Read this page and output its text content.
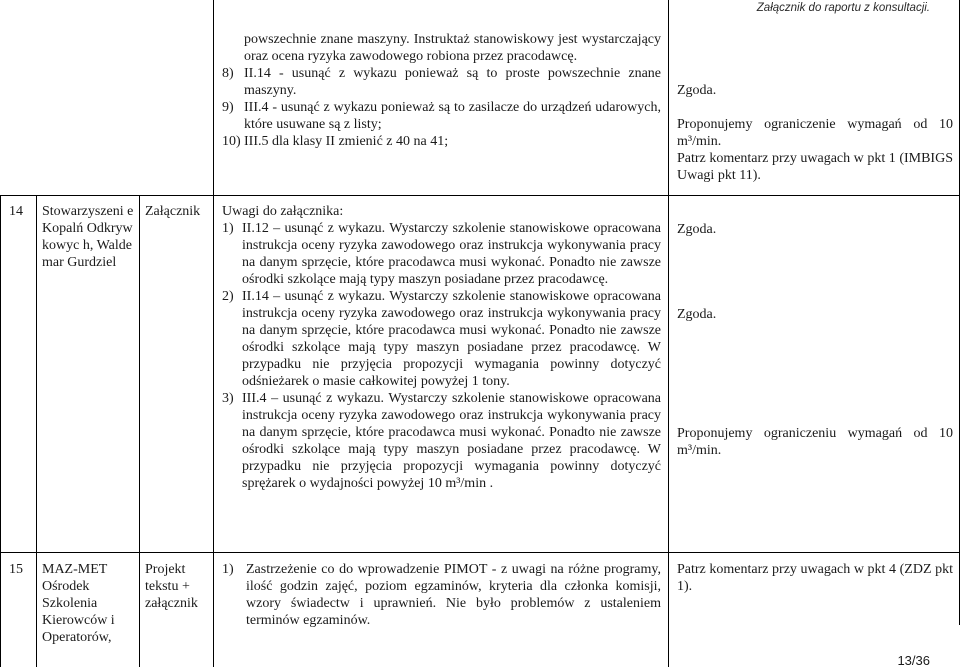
Załącznik do raportu z konsultacji.

powszechnie znane maszyny. Instruktaż stanowiskowy jest wystarczający oraz ocena ryzyka zawodowego robiona przez pracodawcę.

8) II.14 - usunąć z wykazu ponieważ są to proste powszechnie znane maszyny.
9) III.4 - usunąć z wykazu ponieważ są to zasilacze do urządzeń udarowych, które usuwane są z listy;
10) III.5 dla klasy II zmienić z 40 na 41;

Zgoda.

Proponujemy ograniczenie wymagań od 10 m³/min.

Patrz komentarz przy uwagach w pkt 1 (IMBIGS Uwagi pkt 11).

14 Stowarzyszeni e Kopalń Odkrywkowyc h, Waldemar Gurdziel
Załącznik	Uwagi do załącznika:

1) II.12 – usunąć z wykazu. Wystarczy szkolenie stanowiskowe opracowana instrukcja oceny ryzyka zawodowego oraz instrukcja wykonywania pracy na danym sprzęcie, które pracodawca musi wykonać. Ponadto nie zawsze ośrodki szkolące mają typy maszyn posiadane przez pracodawcę.
2) II.14 – usunąć z wykazu. Wystarczy szkolenie stanowiskowe opracowana instrukcja oceny ryzyka zawodowego oraz instrukcja wykonywania pracy na danym sprzęcie, które pracodawca musi wykonać. Ponadto nie zawsze ośrodki szkolące mają typy maszyn posiadane przez pracodawcę. W przypadku nie przyjęcia propozycji wymagania powinny dotyczyć odśnieżarek o masie całkowitej powyżej 1 tony.
3) III.4 – usunąć z wykazu. Wystarczy szkolenie stanowiskowe opracowana instrukcja oceny ryzyka zawodowego oraz instrukcja wykonywania pracy na danym sprzęcie, które pracodawca musi wykonać. Ponadto nie zawsze ośrodki szkolące mają typy maszyn posiadane przez pracodawcę. W przypadku nie przyjęcia propozycji wymagania powinny dotyczyć sprężarek o wydajności powyżej 10 m³/min .
Zgoda.
Zgoda.
Proponujemy ograniczeniu wymagań od 10 m³/min.
15 MAZ-MET Ośrodek Szkolenia Kierowców i Operatorów,
Projekt tekstu + załącznik
1) Zastrzeżenie co do wprowadzenie PIMOT - z uwagi na różne programy, ilość godzin zajęć, poziom egzaminów, kryteria dla członka komisji, wzory świadectw i uprawnień. Nie było problemów z ustaleniem terminów egzaminów.
Patrz komentarz przy uwagach w pkt 4 (ZDZ pkt 1).
13/36
